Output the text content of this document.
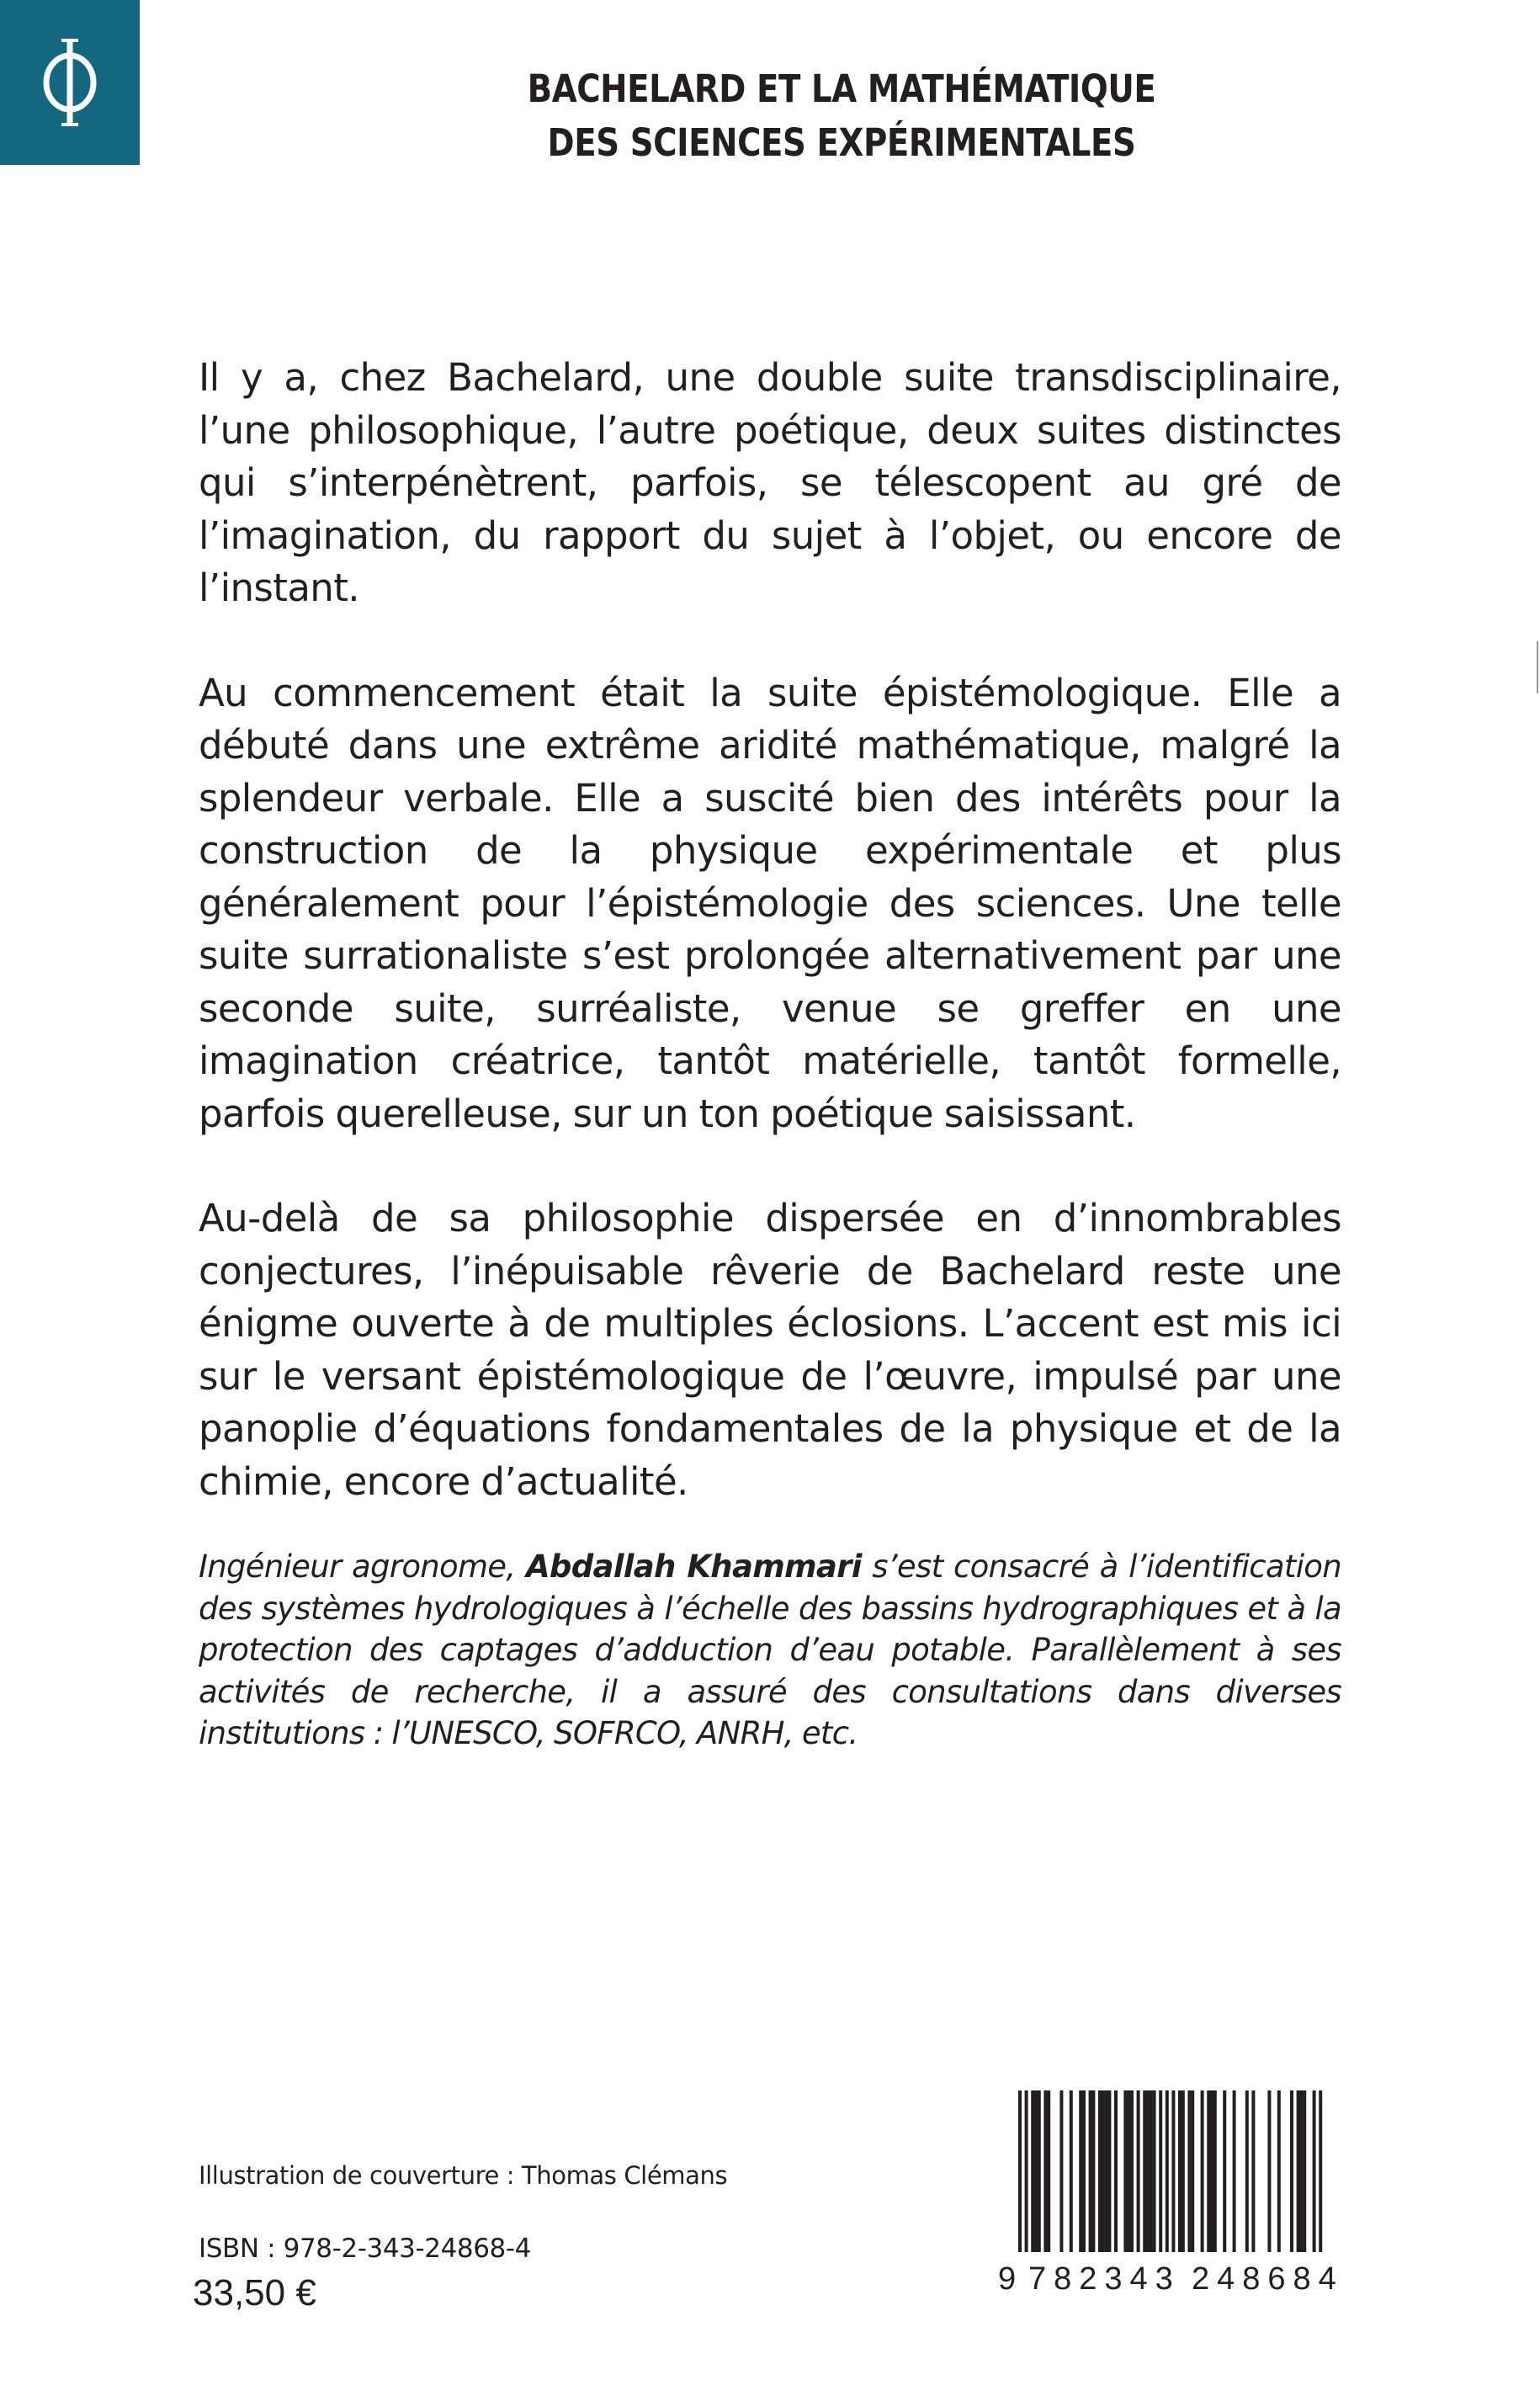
BACHELARD ET LA MATHÉMATIQUE
DES SCIENCES EXPÉRIMENTALES

Il y a, chez Bachelard, une double suite transdisciplinaire, l’une philosophique, l’autre poétique, deux suites distinctes qui s’interpénètrent, parfois, se télescopent au gré de l’imagination, du rapport du sujet à l’objet, ou encore de l’instant.

Au commencement était la suite épistémologique. Elle a débuté dans une extrême aridité mathématique, malgré la splendeur verbale. Elle a suscité bien des intérêts pour la construction de la physique expérimentale et plus généralement pour l’épistémologie des sciences. Une telle suite surrationaliste s’est prolongée alternativement par une seconde suite, surréaliste, venue se greffer en une imagination créatrice, tantôt matérielle, tantôt formelle, parfois querelleuse, sur un ton poétique saisissant.

Au-delà de sa philosophie dispersée en d’innombrables conjectures, l’inépuisable rêverie de Bachelard reste une énigme ouverte à de multiples éclosions. L’accent est mis ici sur le versant épistémologique de l’œuvre, impulsé par une panoplie d’équations fondamentales de la physique et de la chimie, encore d’actualité.

Ingénieur agronome, Abdallah Khammari s’est consacré à l’identification des systèmes hydrologiques à l’échelle des bassins hydrographiques et à la protection des captages d’adduction d’eau potable. Parallèlement à ses activités de recherche, il a assuré des consultations dans diverses institutions : l’UNESCO, SOFRCO, ANRH, etc.
Illustration de couverture : Thomas Clémans
ISBN : 978-2-343-24868-4
33,50 €	9 782343 248684
